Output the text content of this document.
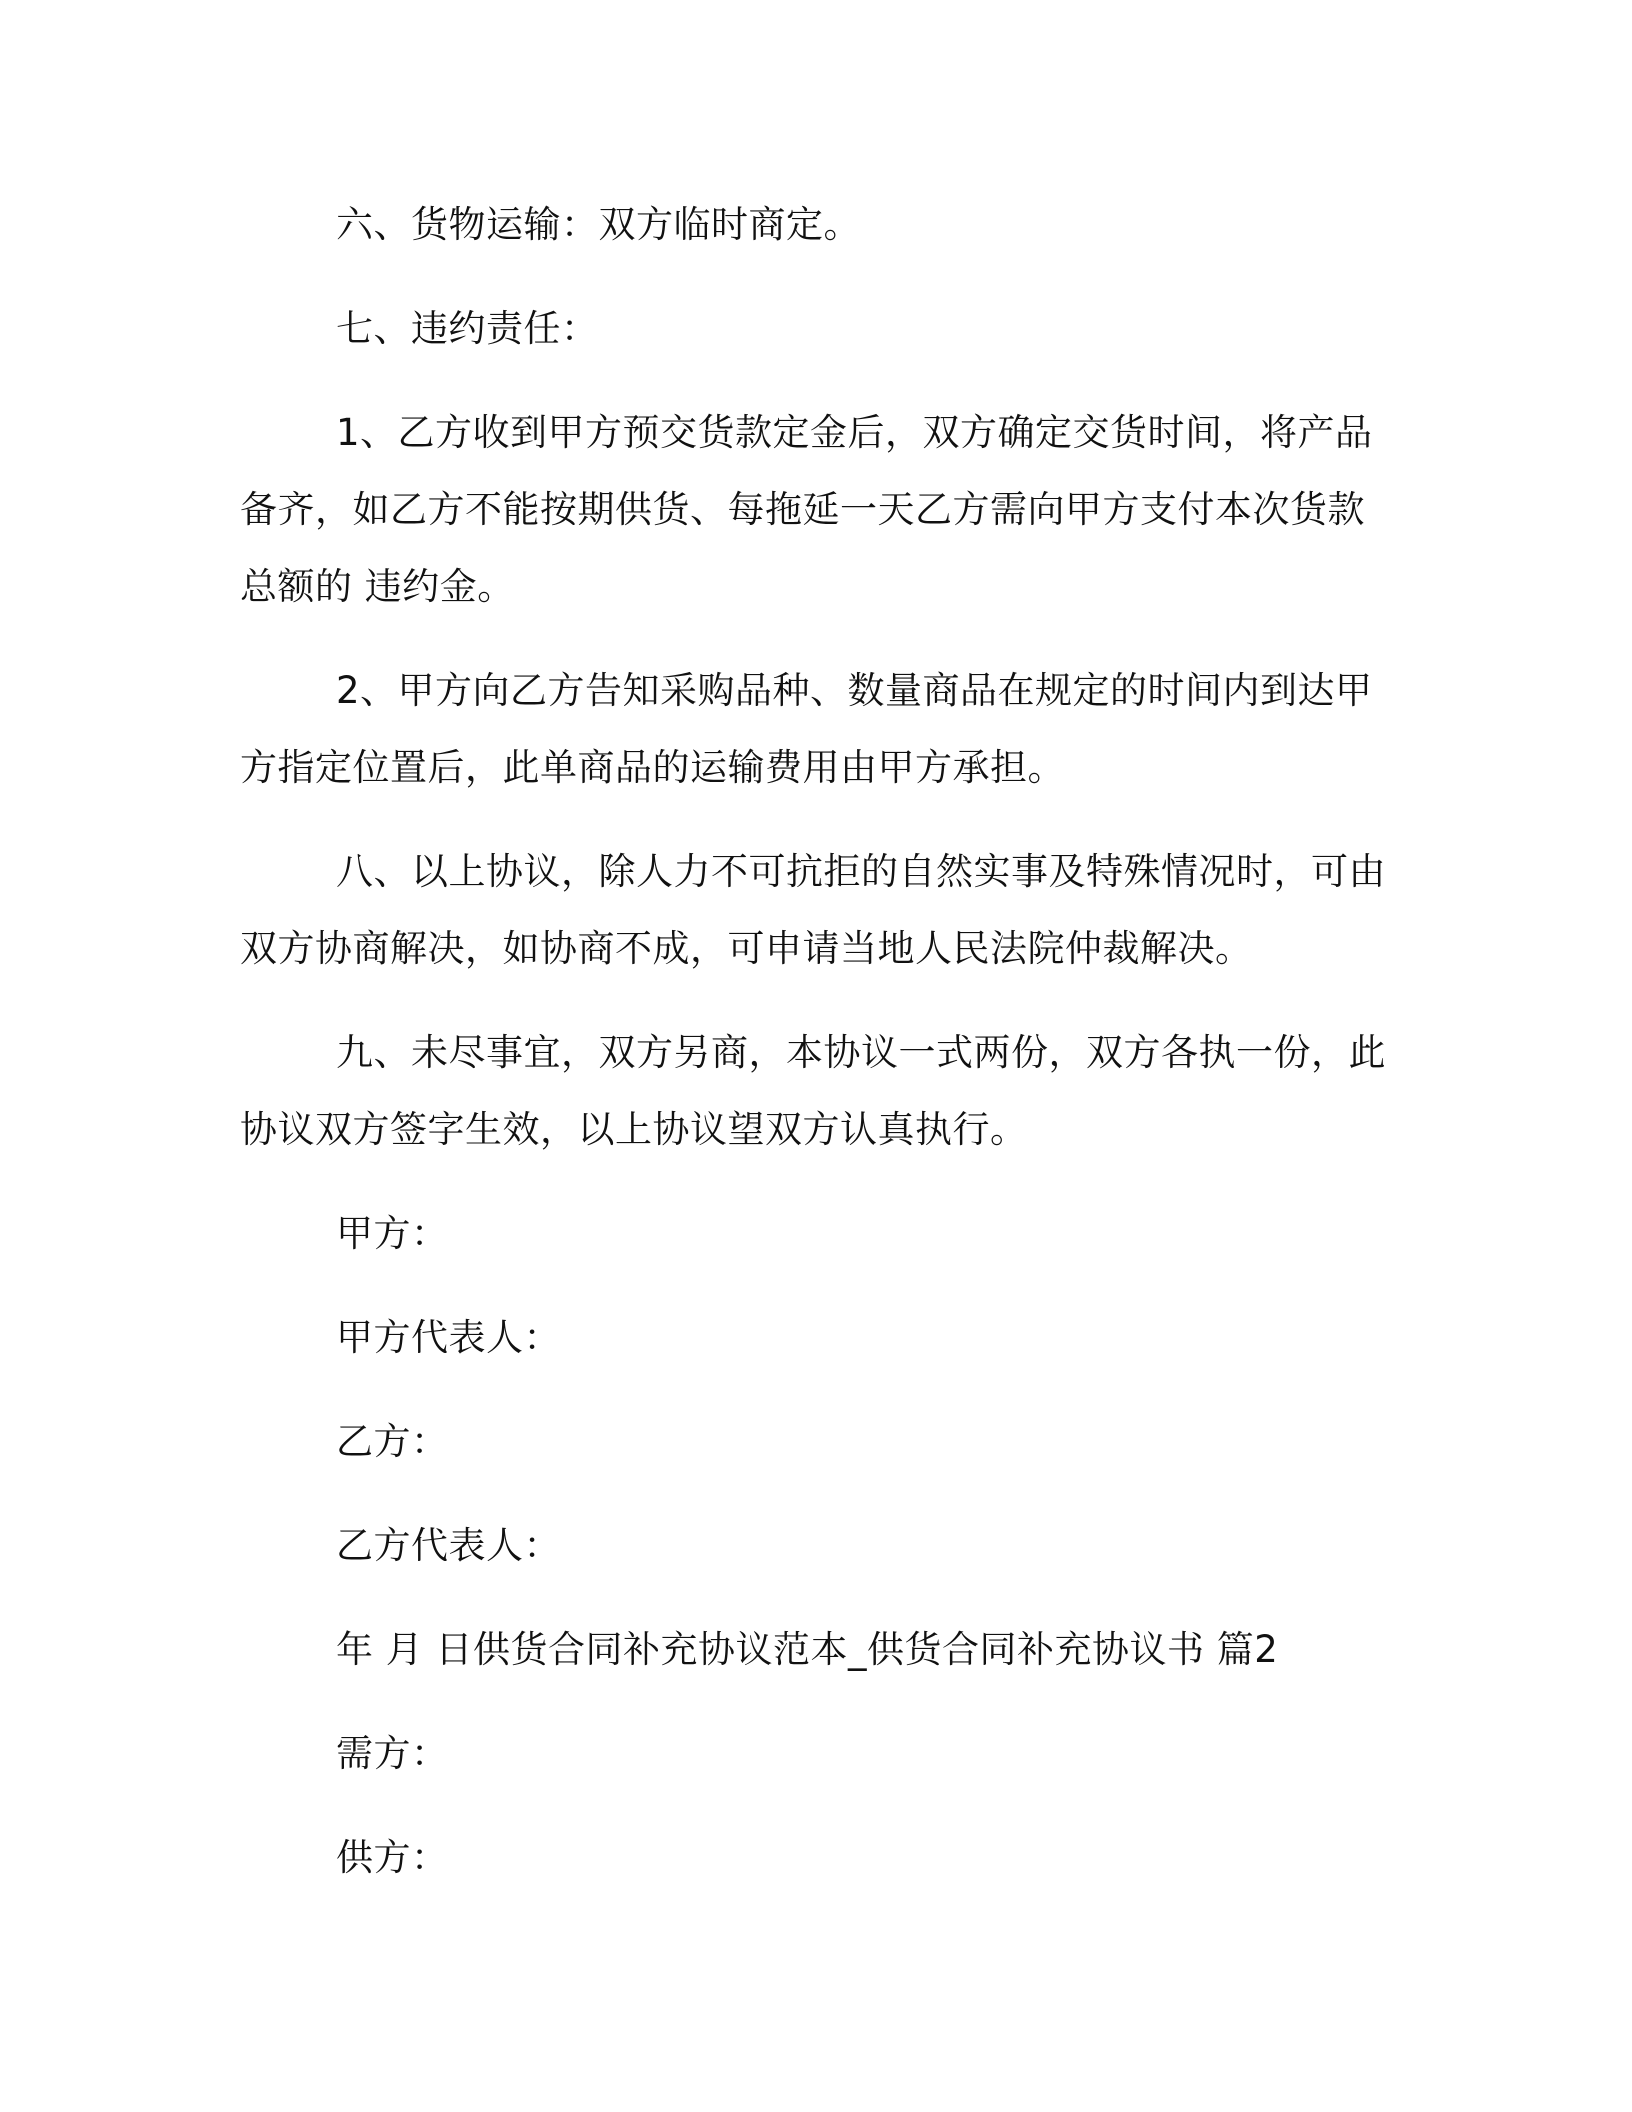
六、货物运输：双方临时商定。

七、违约责任：

1、乙方收到甲方预交货款定金后，双方确定交货时间，将产品备齐，如乙方不能按期供货、每拖延一天乙方需向甲方支付本次货款总额的 违约金。

2、甲方向乙方告知采购品种、数量商品在规定的时间内到达甲方指定位置后，此单商品的运输费用由甲方承担。

八、以上协议，除人力不可抗拒的自然实事及特殊情况时，可由双方协商解决，如协商不成，可申请当地人民法院仲裁解决。

九、未尽事宜，双方另商，本协议一式两份，双方各执一份，此协议双方签字生效，以上协议望双方认真执行。

甲方：

甲方代表人：

乙方：

乙方代表人：

年 月 日供货合同补充协议范本_供货合同补充协议书 篇2

需方：

供方：
